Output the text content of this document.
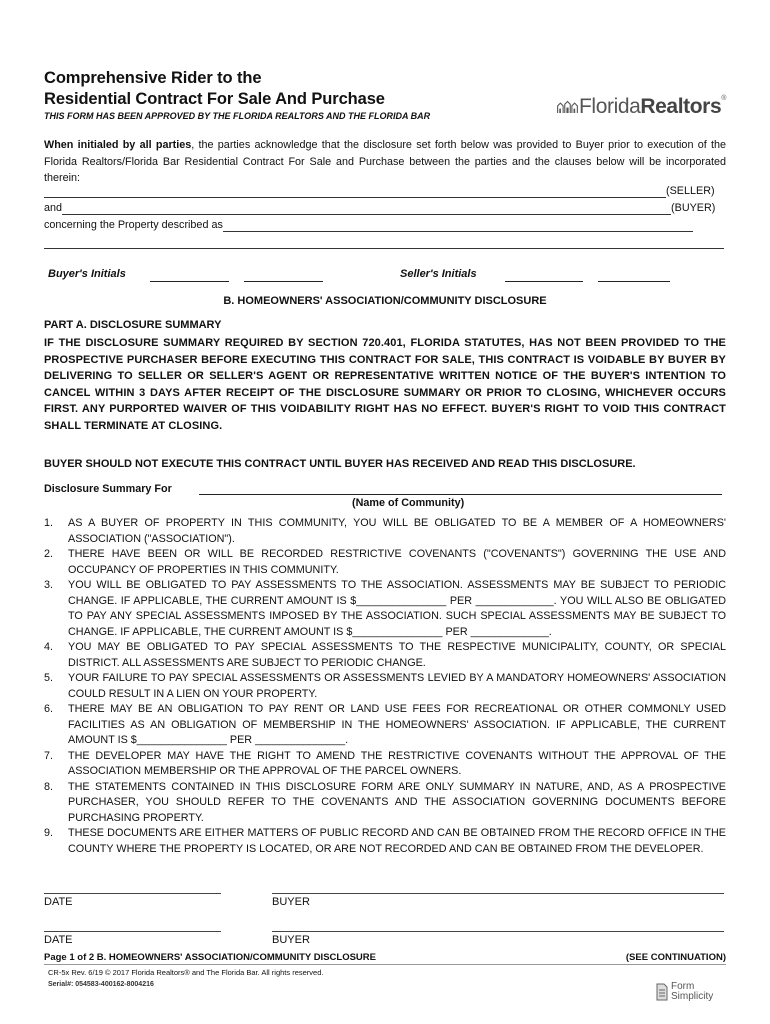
Comprehensive Rider to the
Residential Contract For Sale And Purchase
THIS FORM HAS BEEN APPROVED BY THE FLORIDA REALTORS AND THE FLORIDA BAR	FloridaRealtors®
When initialed by all parties, the parties acknowledge that the disclosure set forth below was provided to Buyer prior to execution of the Florida Realtors/Florida Bar Residential Contract For Sale and Purchase between the parties and the clauses below will be incorporated therein:
(SELLER)
and	(BUYER)
concerning the Property described as

Buyer's Initials	Seller's Initials
B. HOMEOWNERS' ASSOCIATION/COMMUNITY DISCLOSURE
PART A. DISCLOSURE SUMMARY
IF THE DISCLOSURE SUMMARY REQUIRED BY SECTION 720.401, FLORIDA STATUTES, HAS NOT BEEN PROVIDED TO THE PROSPECTIVE PURCHASER BEFORE EXECUTING THIS CONTRACT FOR SALE, THIS CONTRACT IS VOIDABLE BY BUYER BY DELIVERING TO SELLER OR SELLER'S AGENT OR REPRESENTATIVE WRITTEN NOTICE OF THE BUYER'S INTENTION TO CANCEL WITHIN 3 DAYS AFTER RECEIPT OF THE DISCLOSURE SUMMARY OR PRIOR TO CLOSING, WHICHEVER OCCURS FIRST. ANY PURPORTED WAIVER OF THIS VOIDABILITY RIGHT HAS NO EFFECT. BUYER'S RIGHT TO VOID THIS CONTRACT SHALL TERMINATE AT CLOSING.
BUYER SHOULD NOT EXECUTE THIS CONTRACT UNTIL BUYER HAS RECEIVED AND READ THIS DISCLOSURE.
Disclosure Summary For
(Name of Community)
1.	AS A BUYER OF PROPERTY IN THIS COMMUNITY, YOU WILL BE OBLIGATED TO BE A MEMBER OF A HOMEOWNERS' ASSOCIATION ("ASSOCIATION").
2.	THERE HAVE BEEN OR WILL BE RECORDED RESTRICTIVE COVENANTS ("COVENANTS") GOVERNING THE USE AND OCCUPANCY OF PROPERTIES IN THIS COMMUNITY.
3.	YOU WILL BE OBLIGATED TO PAY ASSESSMENTS TO THE ASSOCIATION. ASSESSMENTS MAY BE SUBJECT TO PERIODIC CHANGE. IF APPLICABLE, THE CURRENT AMOUNT IS $_______________ PER _____________. YOU WILL ALSO BE OBLIGATED TO PAY ANY SPECIAL ASSESSMENTS IMPOSED BY THE ASSOCIATION. SUCH SPECIAL ASSESSMENTS MAY BE SUBJECT TO CHANGE. IF APPLICABLE, THE CURRENT AMOUNT IS $_______________ PER _____________.
4.	YOU MAY BE OBLIGATED TO PAY SPECIAL ASSESSMENTS TO THE RESPECTIVE MUNICIPALITY, COUNTY, OR SPECIAL DISTRICT. ALL ASSESSMENTS ARE SUBJECT TO PERIODIC CHANGE.
5.	YOUR FAILURE TO PAY SPECIAL ASSESSMENTS OR ASSESSMENTS LEVIED BY A MANDATORY HOMEOWNERS' ASSOCIATION COULD RESULT IN A LIEN ON YOUR PROPERTY.
6.	THERE MAY BE AN OBLIGATION TO PAY RENT OR LAND USE FEES FOR RECREATIONAL OR OTHER COMMONLY USED FACILITIES AS AN OBLIGATION OF MEMBERSHIP IN THE HOMEOWNERS' ASSOCIATION. IF APPLICABLE, THE CURRENT AMOUNT IS $_______________ PER _______________.
7.	THE DEVELOPER MAY HAVE THE RIGHT TO AMEND THE RESTRICTIVE COVENANTS WITHOUT THE APPROVAL OF THE ASSOCIATION MEMBERSHIP OR THE APPROVAL OF THE PARCEL OWNERS.
8.	THE STATEMENTS CONTAINED IN THIS DISCLOSURE FORM ARE ONLY SUMMARY IN NATURE, AND, AS A PROSPECTIVE PURCHASER, YOU SHOULD REFER TO THE COVENANTS AND THE ASSOCIATION GOVERNING DOCUMENTS BEFORE PURCHASING PROPERTY.
9.	THESE DOCUMENTS ARE EITHER MATTERS OF PUBLIC RECORD AND CAN BE OBTAINED FROM THE RECORD OFFICE IN THE COUNTY WHERE THE PROPERTY IS LOCATED, OR ARE NOT RECORDED AND CAN BE OBTAINED FROM THE DEVELOPER.
DATE	BUYER
DATE	BUYER
Page 1 of 2 B. HOMEOWNERS' ASSOCIATION/COMMUNITY DISCLOSURE	(SEE CONTINUATION)
CR-5x Rev. 6/19 © 2017 Florida Realtors® and The Florida Bar. All rights reserved.
Serial#: 054583-400162-8004216	Form
Simplicity
